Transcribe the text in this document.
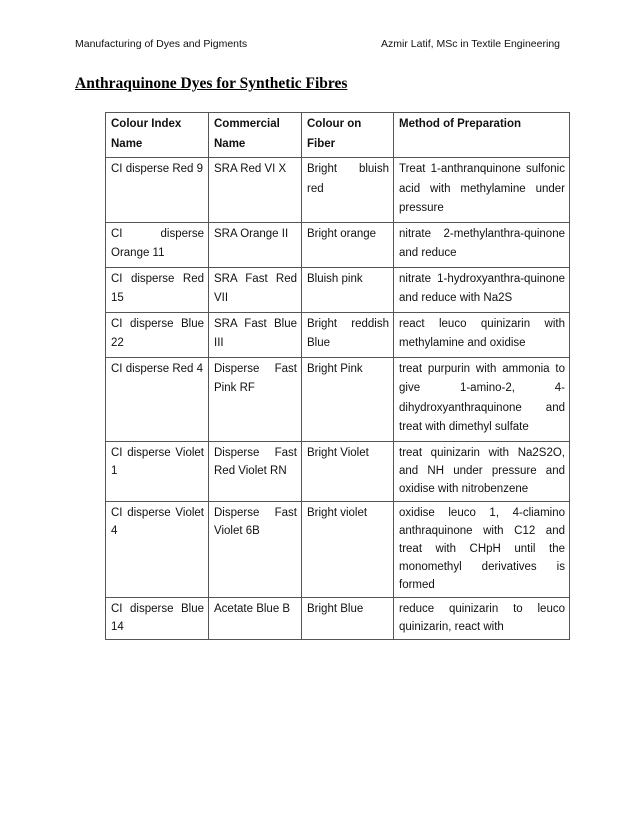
Manufacturing of Dyes and Pigments	Azmir Latif, MSc in Textile Engineering
Anthraquinone Dyes for Synthetic Fibres
Colour Index Name	Commercial Name	Colour on Fiber	Method of Preparation
CI disperse Red 9	SRA Red VI X	Bright bluish red	Treat 1-anthranquinone sulfonic acid with methylamine under pressure
CI disperse Orange 11	SRA Orange II	Bright orange	nitrate 2-methylanthra-quinone and reduce
CI disperse Red 15	SRA Fast Red VII	Bluish pink	nitrate 1-hydroxyanthra-quinone and reduce with Na2S
CI disperse Blue 22	SRA Fast Blue III	Bright reddish Blue	react leuco quinizarin with methylamine and oxidise
CI disperse Red 4	Disperse Fast Pink RF	Bright Pink	treat purpurin with ammonia to give 1-amino-2, 4-dihydroxyanthraquinone and treat with dimethyl sulfate
CI disperse Violet 1	Disperse Fast Red Violet RN	Bright Violet	treat quinizarin with Na2S2O, and NH under pressure and oxidise with nitrobenzene
CI disperse Violet 4	Disperse Fast Violet 6B	Bright violet	oxidise leuco 1, 4-cliamino anthraquinone with C12 and treat with CHpH until the monomethyl derivatives is formed
CI disperse Blue 14	Acetate Blue B	Bright Blue	reduce quinizarin to leuco quinizarin, react with
